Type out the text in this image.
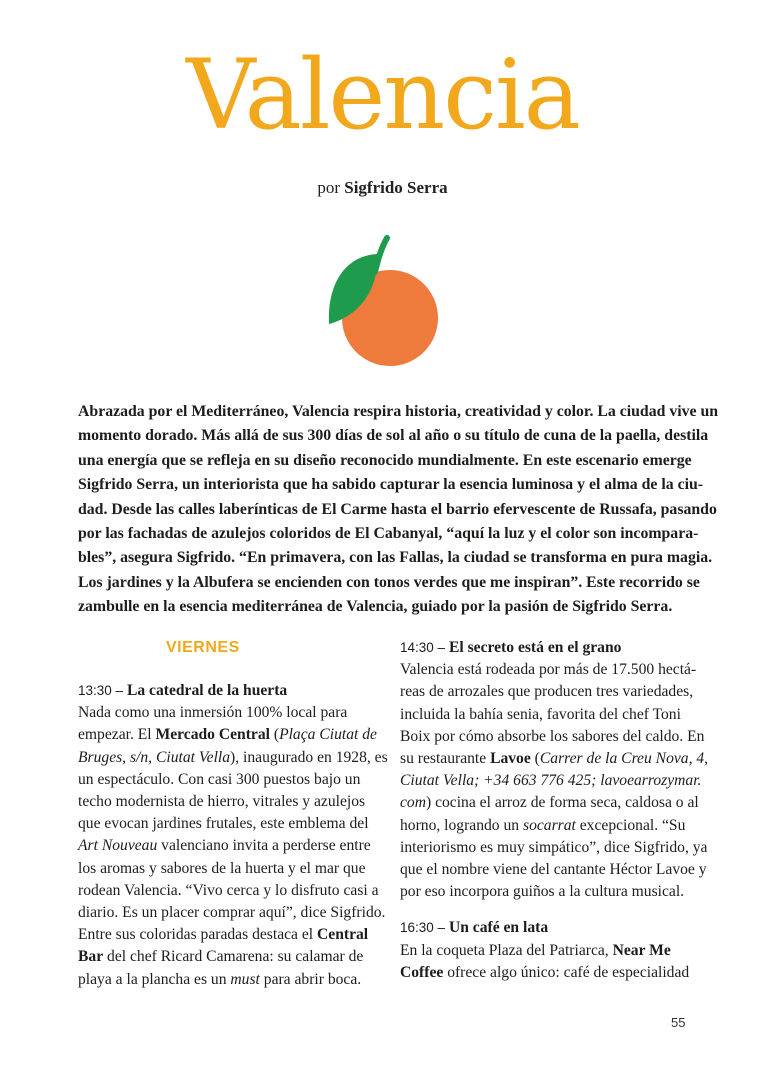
Valencia
por Sigfrido Serra
Abrazada por el Mediterráneo, Valencia respira historia, creatividad y color. La ciudad vive un
momento dorado. Más allá de sus 300 días de sol al año o su título de cuna de la paella, destila
una energía que se refleja en su diseño reconocido mundialmente. En este escenario emerge
Sigfrido Serra, un interiorista que ha sabido capturar la esencia luminosa y el alma de la ciu-
dad. Desde las calles laberínticas de El Carme hasta el barrio efervescente de Russafa, pasando
por las fachadas de azulejos coloridos de El Cabanyal, “aquí la luz y el color son incompara-
bles”, asegura Sigfrido. “En primavera, con las Fallas, la ciudad se transforma en pura magia.
Los jardines y la Albufera se encienden con tonos verdes que me inspiran”. Este recorrido se
zambulle en la esencia mediterránea de Valencia, guiado por la pasión de Sigfrido Serra.
VIERNES
13:30 – La catedral de la huerta
Nada como una inmersión 100% local para
empezar. El Mercado Central (Plaça Ciutat de
Bruges, s/n, Ciutat Vella), inaugurado en 1928, es
un espectáculo. Con casi 300 puestos bajo un
techo modernista de hierro, vitrales y azulejos
que evocan jardines frutales, este emblema del
Art Nouveau valenciano invita a perderse entre
los aromas y sabores de la huerta y el mar que
rodean Valencia. “Vivo cerca y lo disfruto casi a
diario. Es un placer comprar aquí”, dice Sigfrido.
Entre sus coloridas paradas destaca el Central
Bar del chef Ricard Camarena: su calamar de
playa a la plancha es un must para abrir boca.
14:30 – El secreto está en el grano
Valencia está rodeada por más de 17.500 hectá-
reas de arrozales que producen tres variedades,
incluida la bahía senia, favorita del chef Toni
Boix por cómo absorbe los sabores del caldo. En
su restaurante Lavoe (Carrer de la Creu Nova, 4,
Ciutat Vella; +34 663 776 425; lavoearrozymar.
com) cocina el arroz de forma seca, caldosa o al
horno, logrando un socarrat excepcional. “Su
interiorismo es muy simpático”, dice Sigfrido, ya
que el nombre viene del cantante Héctor Lavoe y
por eso incorpora guiños a la cultura musical.
16:30 – Un café en lata
En la coqueta Plaza del Patriarca, Near Me
Coffee ofrece algo único: café de especialidad
55
